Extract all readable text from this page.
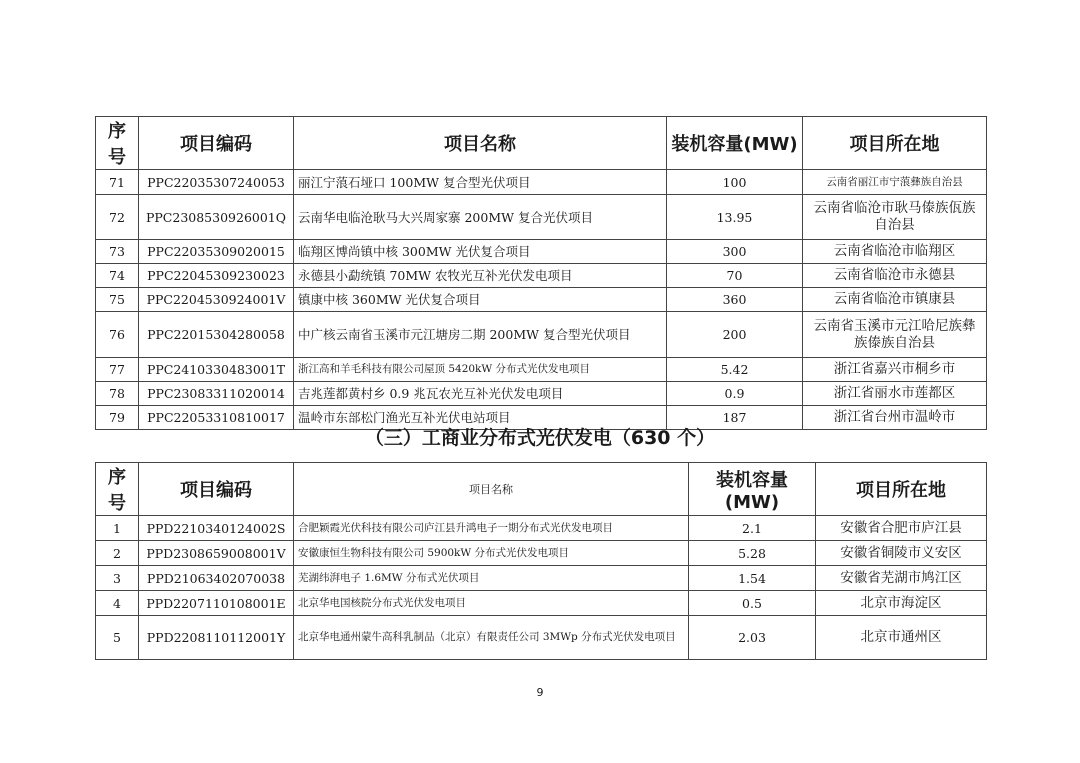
序号	项目编码	项目名称	装机容量(MW)	项目所在地
71	PPC22035307240053	丽江宁蒗石垭口 100MW 复合型光伏项目	100	云南省丽江市宁蒗彝族自治县
72	PPC2308530926001Q	云南华电临沧耿马大兴周家寨 200MW 复合光伏项目	13.95	云南省临沧市耿马傣族佤族自治县
73	PPC22035309020015	临翔区博尚镇中核 300MW 光伏复合项目	300	云南省临沧市临翔区
74	PPC22045309230023	永德县小勐统镇 70MW 农牧光互补光伏发电项目	70	云南省临沧市永德县
75	PPC2204530924001V	镇康中核 360MW 光伏复合项目	360	云南省临沧市镇康县
76	PPC22015304280058	中广核云南省玉溪市元江塘房二期 200MW 复合型光伏项目	200	云南省玉溪市元江哈尼族彝族傣族自治县
77	PPC2410330483001T	浙江高和羊毛科技有限公司屋顶 5420kW 分布式光伏发电项目	5.42	浙江省嘉兴市桐乡市
78	PPC23083311020014	吉兆莲都黄村乡 0.9 兆瓦农光互补光伏发电项目	0.9	浙江省丽水市莲都区
79	PPC22053310810017	温岭市东部松门渔光互补光伏电站项目	187	浙江省台州市温岭市
（三）工商业分布式光伏发电（630 个）
序号	项目编码	项目名称	装机容量(MW)	项目所在地
1	PPD2210340124002S	合肥颖霞光伏科技有限公司庐江县升鸿电子一期分布式光伏发电项目	2.1	安徽省合肥市庐江县
2	PPD2308659008001V	安徽康恒生物科技有限公司 5900kW 分布式光伏发电项目	5.28	安徽省铜陵市义安区
3	PPD21063402070038	芜湖纬湃电子 1.6MW 分布式光伏项目	1.54	安徽省芜湖市鸠江区
4	PPD2207110108001E	北京华电国核院分布式光伏发电项目	0.5	北京市海淀区
5	PPD2208110112001Y	北京华电通州蒙牛高科乳制品（北京）有限责任公司 3MWp 分布式光伏发电项目	2.03	北京市通州区
9
